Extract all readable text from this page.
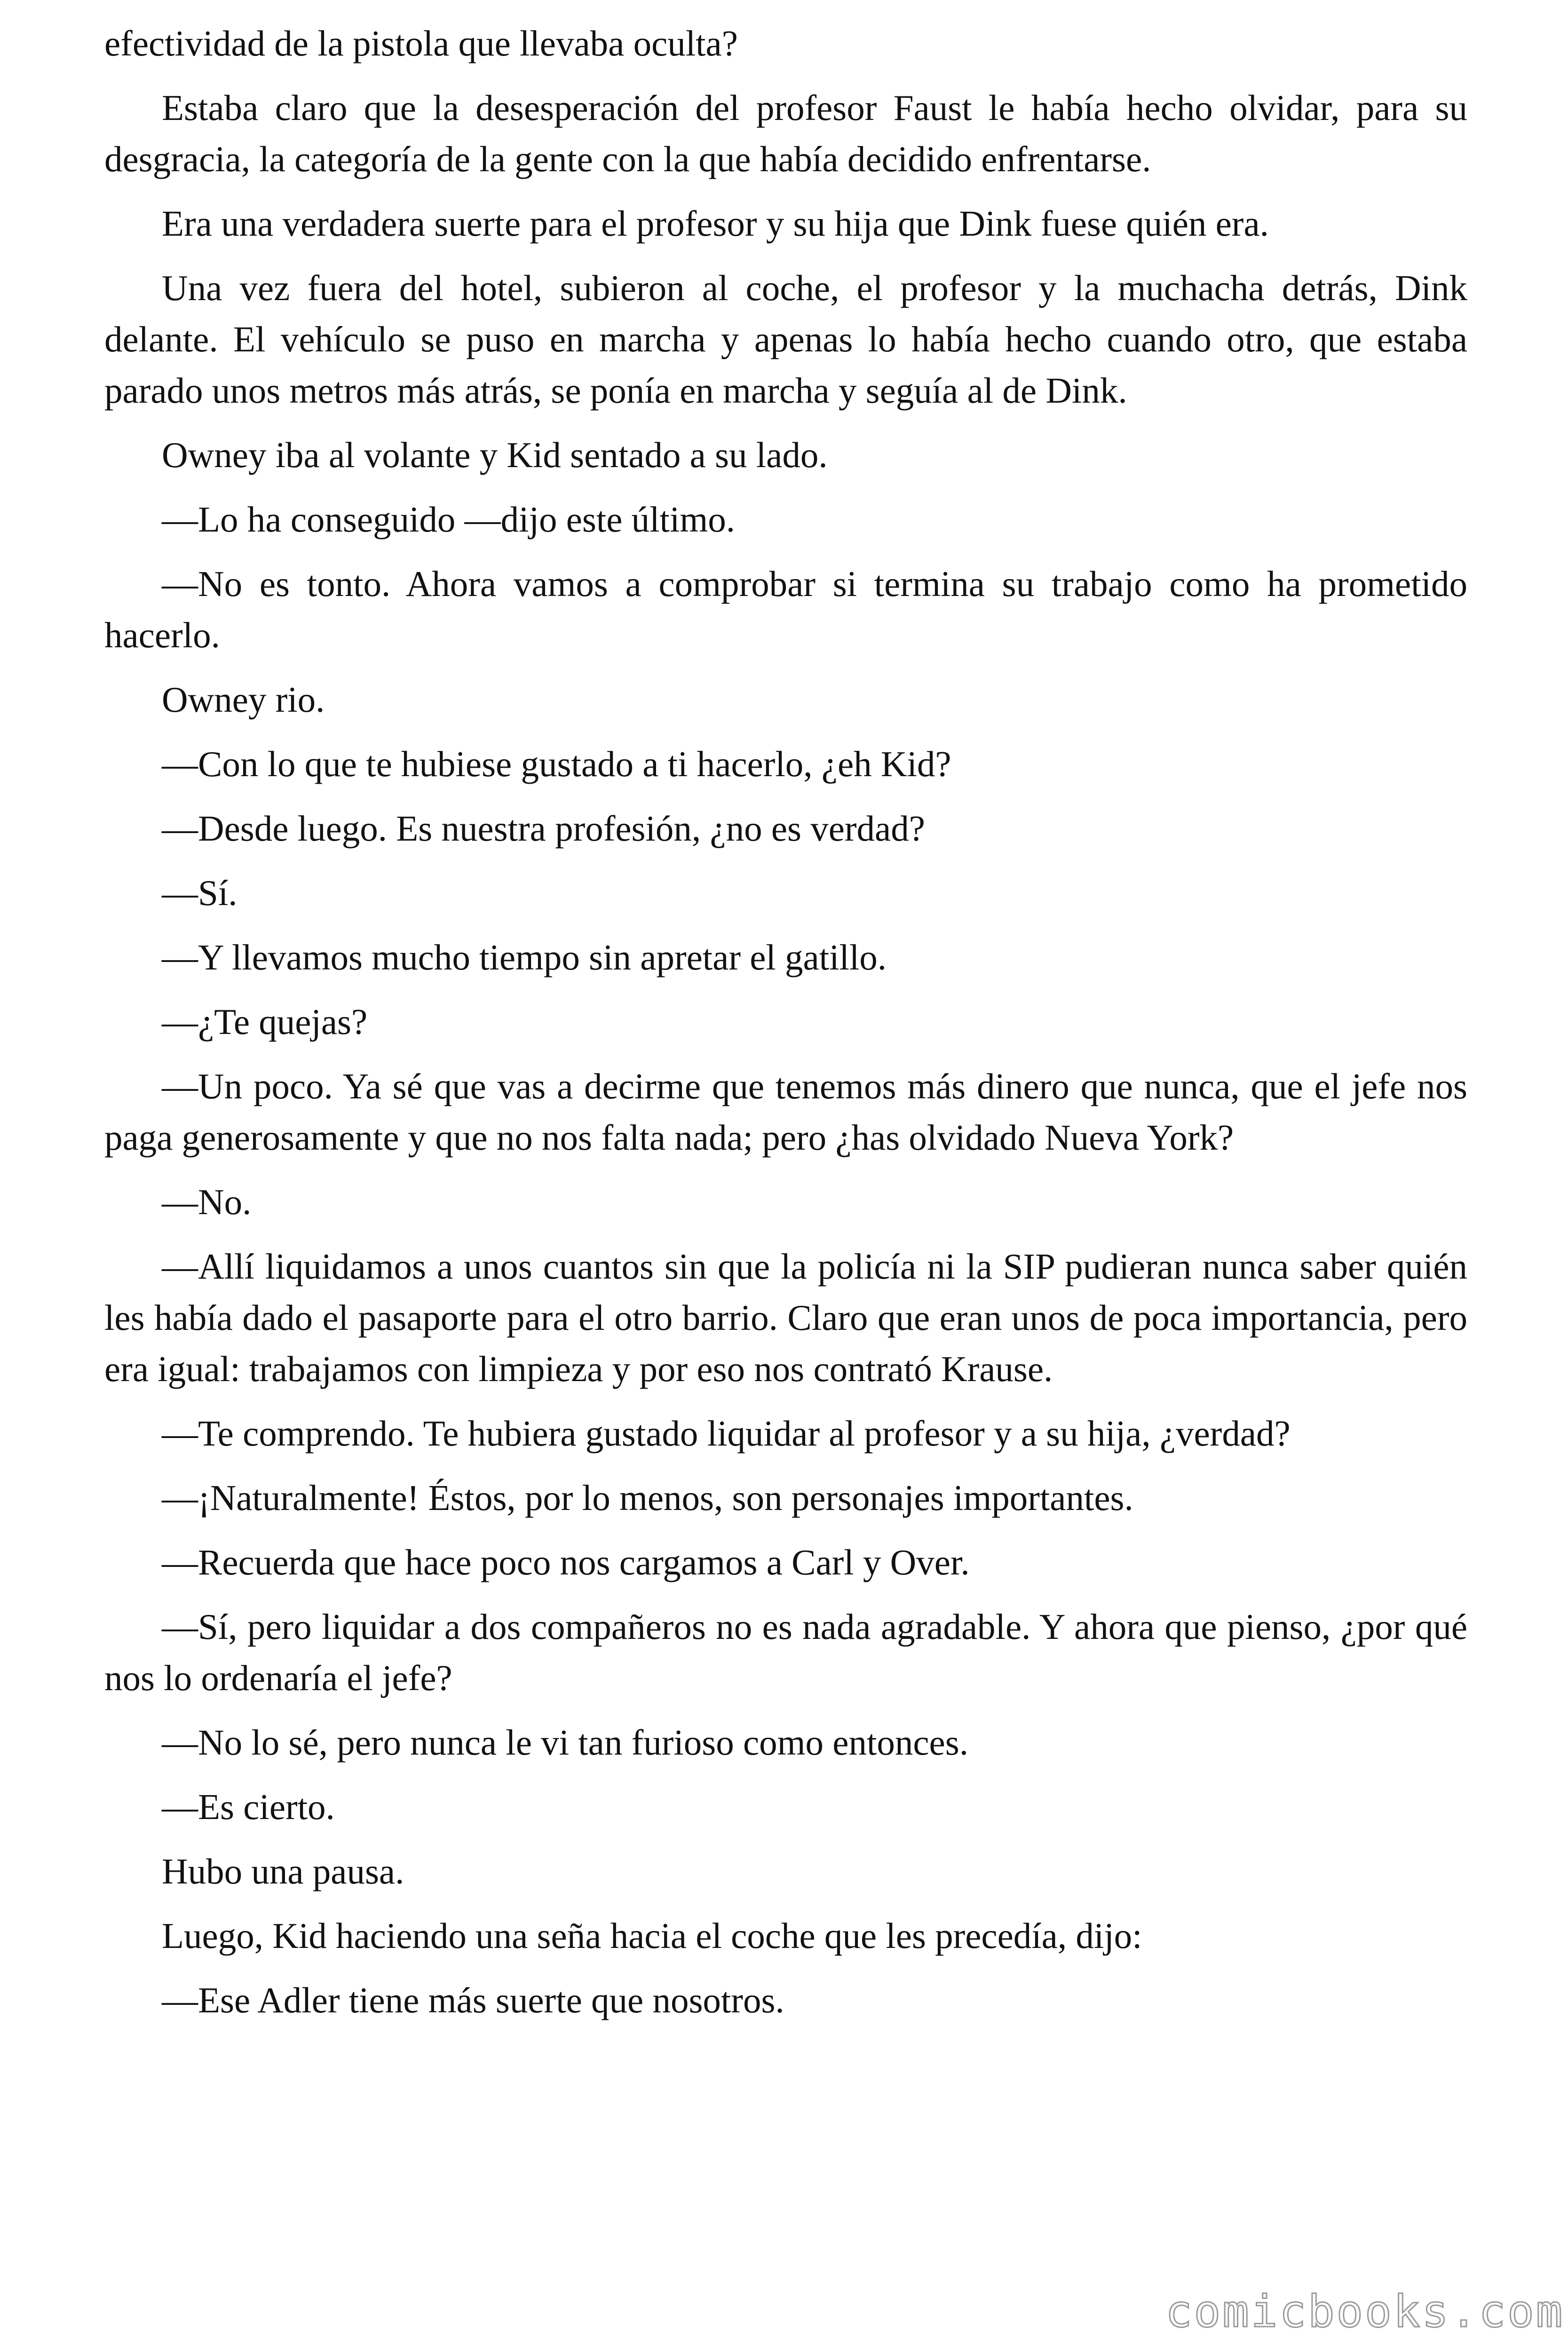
efectividad de la pistola que llevaba oculta?

Estaba claro que la desesperación del profesor Faust le había hecho olvidar, para su desgracia, la categoría de la gente con la que había decidido enfrentarse.

Era una verdadera suerte para el profesor y su hija que Dink fuese quién era.

Una vez fuera del hotel, subieron al coche, el profesor y la muchacha detrás, Dink delante. El vehículo se puso en marcha y apenas lo había hecho cuando otro, que estaba parado unos metros más atrás, se ponía en marcha y seguía al de Dink.

Owney iba al volante y Kid sentado a su lado.

—Lo ha conseguido —dijo este último.

—No es tonto. Ahora vamos a comprobar si termina su trabajo como ha prometido hacerlo.

Owney rio.

—Con lo que te hubiese gustado a ti hacerlo, ¿eh Kid?

—Desde luego. Es nuestra profesión, ¿no es verdad?

—Sí.

—Y llevamos mucho tiempo sin apretar el gatillo.

—¿Te quejas?

—Un poco. Ya sé que vas a decirme que tenemos más dinero que nunca, que el jefe nos paga generosamente y que no nos falta nada; pero ¿has olvidado Nueva York?

—No.

—Allí liquidamos a unos cuantos sin que la policía ni la SIP pudieran nunca saber quién les había dado el pasaporte para el otro barrio. Claro que eran unos de poca importancia, pero era igual: trabajamos con limpieza y por eso nos contrató Krause.

—Te comprendo. Te hubiera gustado liquidar al profesor y a su hija, ¿verdad?

—¡Naturalmente! Éstos, por lo menos, son personajes importantes.

—Recuerda que hace poco nos cargamos a Carl y Over.

—Sí, pero liquidar a dos compañeros no es nada agradable. Y ahora que pienso, ¿por qué nos lo ordenaría el jefe?

—No lo sé, pero nunca le vi tan furioso como entonces.

—Es cierto.

Hubo una pausa.

Luego, Kid haciendo una seña hacia el coche que les precedía, dijo:

—Ese Adler tiene más suerte que nosotros.

comicbooks.com
